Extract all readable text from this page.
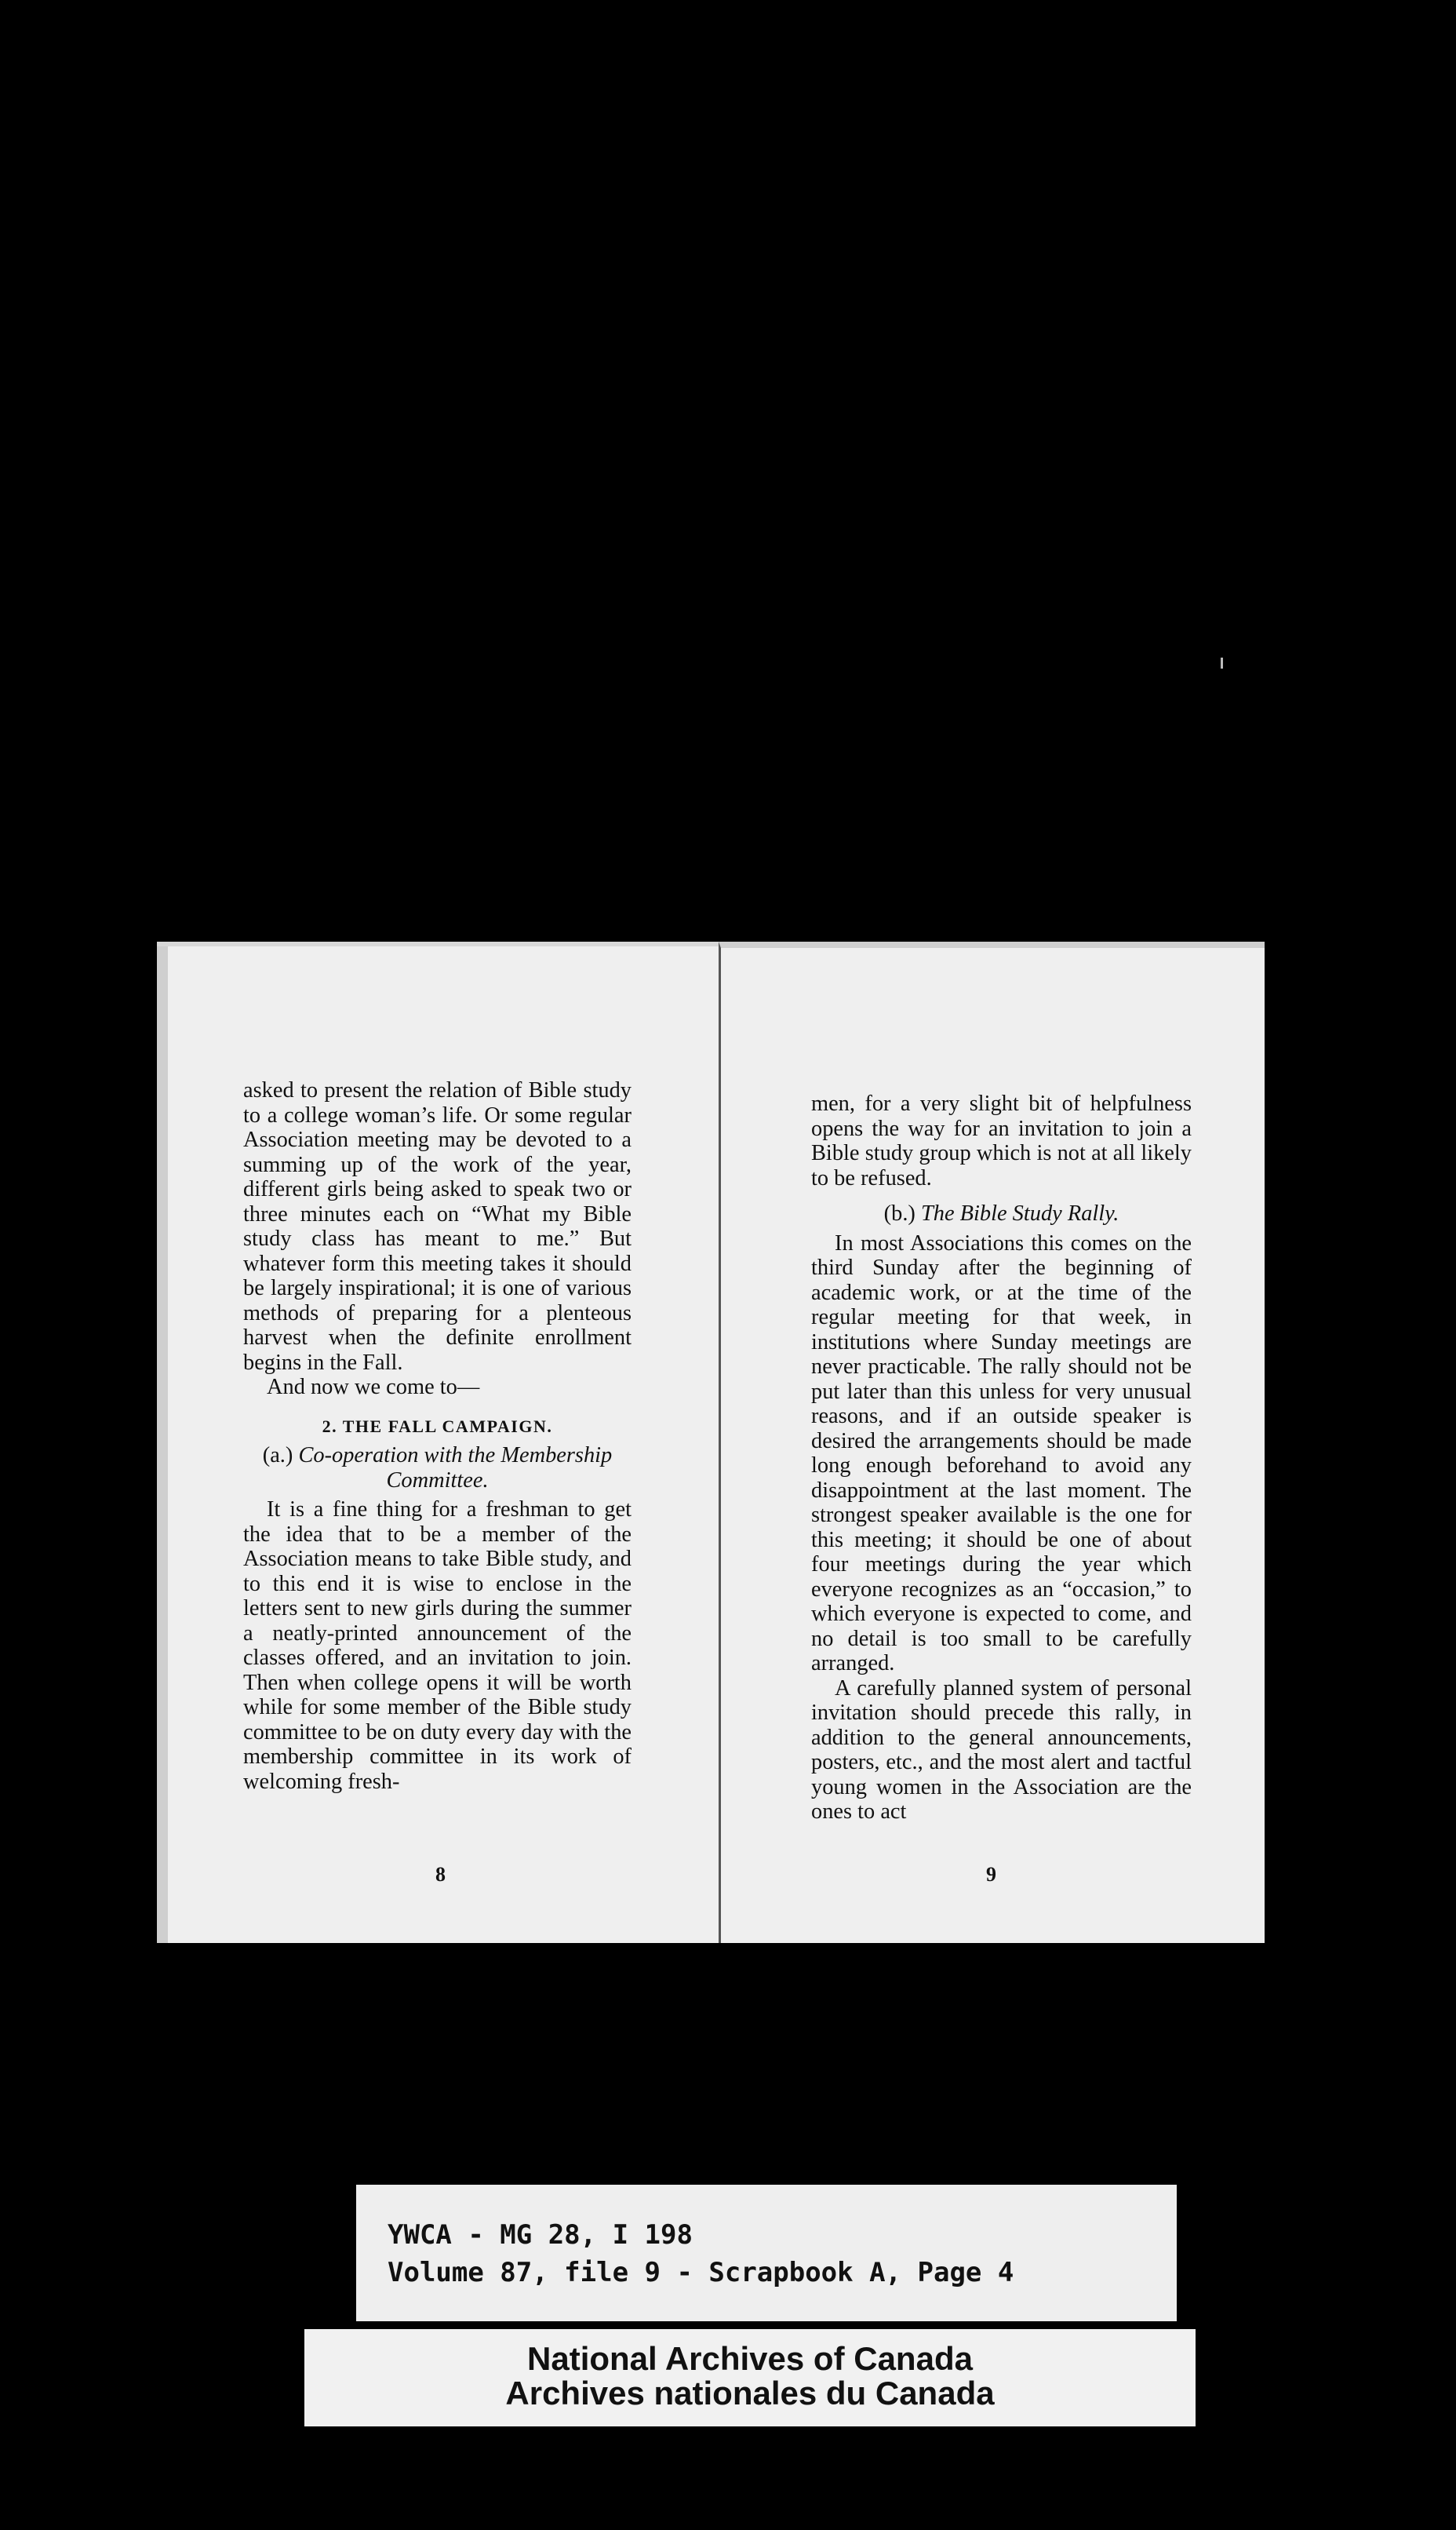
asked to present the relation of Bible study to a college woman’s life. Or some regular Association meeting may be devoted to a summing up of the work of the year, different girls being asked to speak two or three minutes each on “What my Bible study class has meant to me.” But whatever form this meeting takes it should be largely inspirational; it is one of various methods of preparing for a plenteous harvest when the definite enrollment begins in the Fall.

And now we come to—

2. THE FALL CAMPAIGN.
(a.) Co-operation with the Membership Committee.

It is a fine thing for a freshman to get the idea that to be a member of the Association means to take Bible study, and to this end it is wise to enclose in the letters sent to new girls during the summer a neatly-printed announcement of the classes offered, and an invitation to join. Then when college opens it will be worth while for some member of the Bible study committee to be on duty every day with the membership committee in its work of welcoming fresh-

8

men, for a very slight bit of helpfulness opens the way for an invitation to join a Bible study group which is not at all likely to be refused.

(b.) The Bible Study Rally.

In most Associations this comes on the third Sunday after the beginning of academic work, or at the time of the regular meeting for that week, in institutions where Sunday meetings are never practicable. The rally should not be put later than this unless for very unusual reasons, and if an outside speaker is desired the arrangements should be made long enough beforehand to avoid any disappointment at the last moment. The strongest speaker available is the one for this meeting; it should be one of about four meetings during the year which everyone recognizes as an “occasion,” to which everyone is expected to come, and no detail is too small to be carefully arranged.

A carefully planned system of personal invitation should precede this rally, in addition to the general announcements, posters, etc., and the most alert and tactful young women in the Association are the ones to act

9
YWCA - MG 28, I 198
Volume 87, file 9 - Scrapbook A, Page 4
National Archives of Canada
Archives nationales du Canada
